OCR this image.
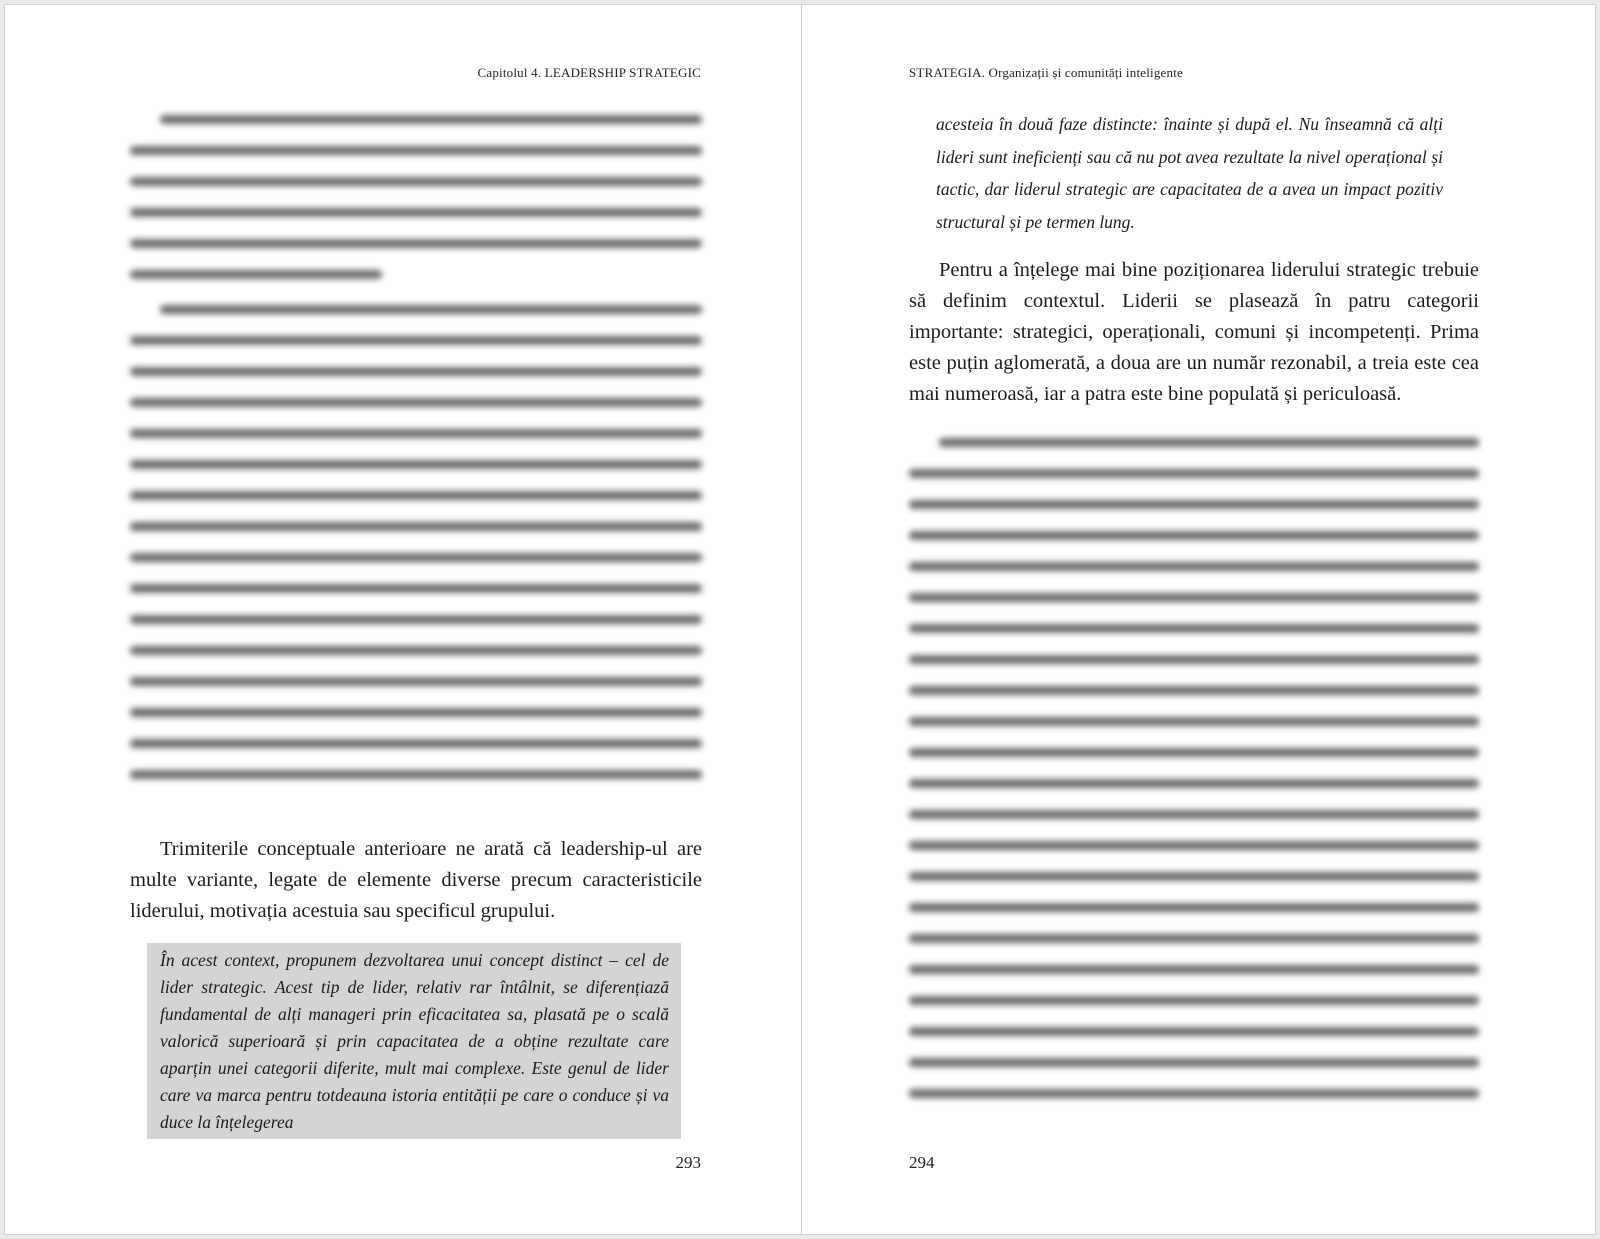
Capitolul 4. LEADERSHIP STRATEGIC

Trimiterile conceptuale anterioare ne arată că leadership-ul are multe variante, legate de elemente diverse precum caracteristicile liderului, motivația acestuia sau specificul grupului.

În acest context, propunem dezvoltarea unui concept distinct – cel de lider strategic. Acest tip de lider, relativ rar întâlnit, se diferențiază fundamental de alți manageri prin eficacitatea sa, plasată pe o scală valorică superioară și prin capacitatea de a obține rezultate care aparțin unei categorii diferite, mult mai complexe. Este genul de lider care va marca pentru totdeauna istoria entității pe care o conduce și va duce la înțelegerea

293
STRATEGIA. Organizații și comunități inteligente

acesteia în două faze distincte: înainte și după el. Nu înseamnă că alți lideri sunt ineficienți sau că nu pot avea rezultate la nivel operațional și tactic, dar liderul strategic are capacitatea de a avea un impact pozitiv structural și pe termen lung.

Pentru a înțelege mai bine poziționarea liderului strategic trebuie să definim contextul. Liderii se plasează în patru categorii importante: strategici, operaționali, comuni și incompetenți. Prima este puțin aglomerată, a doua are un număr rezonabil, a treia este cea mai numeroasă, iar a patra este bine populată și periculoasă.

294
